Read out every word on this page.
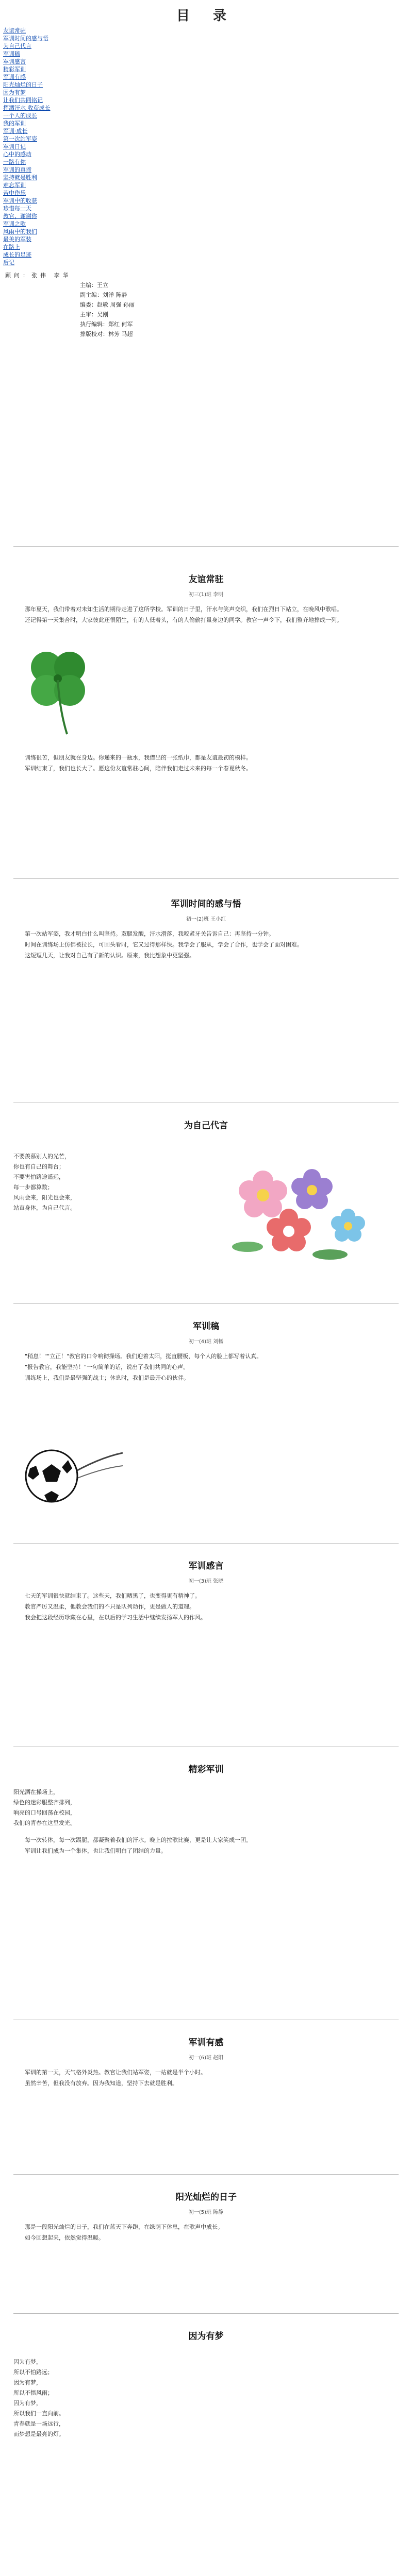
目 录
友谊常驻
军训时间的感与悟
为自己代言
军训稿
军训感言
精彩军训
军训有感
阳光灿烂的日子
因为有梦
让我们共同铭记
挥洒汗水 收获成长
一个人的成长
我的军训
军训·成长
第一次站军姿
军训日记
心中的感动
一路有你
军训的真谛
坚持就是胜利
难忘军训
苦中作乐
军训中的收获
珍惜每一天
教官，谢谢你
军训之歌
风雨中的我们
最美的军装
在路上
成长的足迹
后记
顾问：张伟 李华
主编：王立
副主编：刘洋 陈静
编委：赵敏 周强 孙丽
主审：吴刚
执行编辑：郑红 何军
排版校对：林芳 马超
友谊常驻
初三(1)班 李明

那年夏天，我们带着对未知生活的期待走进了这所学校。军训的日子里，汗水与笑声交织，我们在烈日下站立，在晚风中歌唱。

还记得第一天集合时，大家彼此还很陌生，有的人低着头，有的人偷偷打量身边的同学。教官一声令下，我们整齐地排成一列。

训练很苦，但朋友就在身边。你递来的一瓶水，我借出的一张纸巾，都是友谊最初的模样。

军训结束了，我们也长大了。愿这份友谊常驻心间，陪伴我们走过未来的每一个春夏秋冬。

军训时间的感与悟
初一(2)班 王小红

第一次站军姿，我才明白什么叫坚持。双腿发酸，汗水滑落，我咬紧牙关告诉自己：再坚持一分钟。

时间在训练场上仿佛被拉长，可回头看时，它又过得那样快。我学会了服从，学会了合作，也学会了面对困难。

这短短几天，让我对自己有了新的认识。原来，我比想象中更坚强。

为自己代言

不要羡慕别人的光芒，

你也有自己的舞台；

不要害怕路途遥远，

每一步都算数；

风雨会来，阳光也会来，

站直身体，为自己代言。

军训稿
初一(4)班 刘畅

"稍息！""立正！"教官的口令响彻操场。我们迎着太阳，挺直腰板，每个人的脸上都写着认真。

"报告教官，我能坚持！"一句简单的话，说出了我们共同的心声。

训练场上，我们是最坚强的战士；休息时，我们是最开心的伙伴。

军训感言
初一(3)班 张晓

七天的军训很快就结束了。这些天，我们晒黑了，也变得更有精神了。

教官严厉又温柔，他教会我们的不只是队列动作，更是做人的道理。

我会把这段经历珍藏在心里，在以后的学习生活中继续发扬军人的作风。

精彩军训

阳光洒在操场上，

绿色的迷彩服整齐排列，

响亮的口号回荡在校园，

我们的青春在这里发光。

每一次转体，每一次踢腿，都凝聚着我们的汗水。晚上的拉歌比赛，更是让大家笑成一团。

军训让我们成为一个集体，也让我们明白了团结的力量。

军训有感
初一(6)班 赵阳

军训的第一天，天气格外炎热。教官让我们站军姿，一站就是半个小时。

虽然辛苦，但我没有放弃。因为我知道，坚持下去就是胜利。

阳光灿烂的日子
初一(5)班 陈静

那是一段阳光灿烂的日子，我们在蓝天下奔跑，在绿荫下休息，在歌声中成长。

如今回想起来，依然觉得温暖。

因为有梦

因为有梦，

所以不怕路远；

因为有梦，

所以不惧风雨；

因为有梦，

所以我们一直向前。

青春就是一场远行，

而梦想是最亮的灯。
